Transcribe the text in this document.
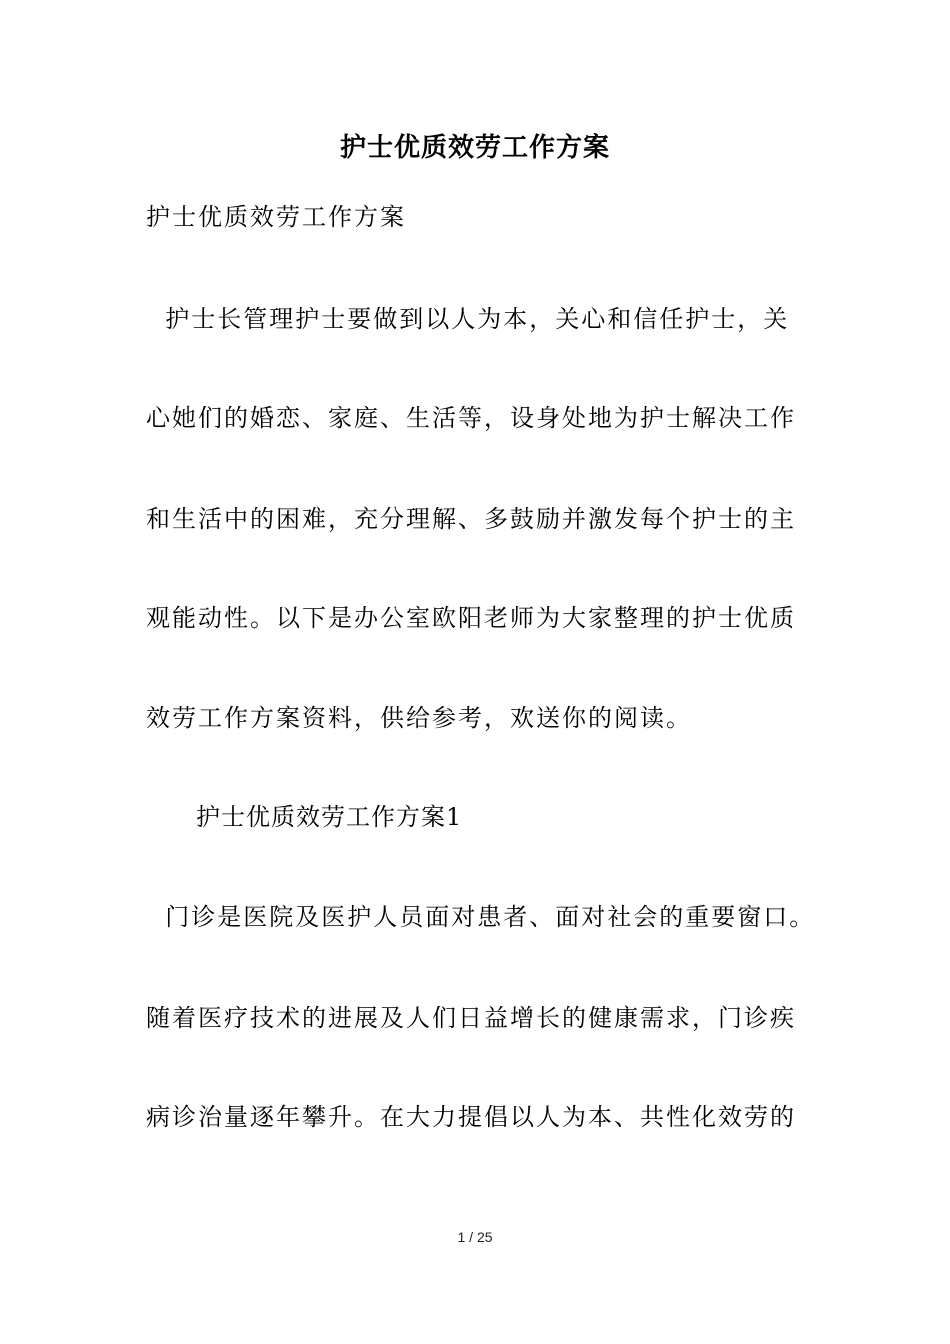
护士优质效劳工作方案
护士优质效劳工作方案
护士长管理护士要做到以人为本，关心和信任护士，关
心她们的婚恋、家庭、生活等，设身处地为护士解决工作
和生活中的困难，充分理解、多鼓励并激发每个护士的主
观能动性。以下是办公室欧阳老师为大家整理的护士优质
效劳工作方案资料，供给参考，欢送你的阅读。
护士优质效劳工作方案1
门诊是医院及医护人员面对患者、面对社会的重要窗口。
随着医疗技术的进展及人们日益增长的健康需求，门诊疾
病诊治量逐年攀升。在大力提倡以人为本、共性化效劳的
1 / 25
